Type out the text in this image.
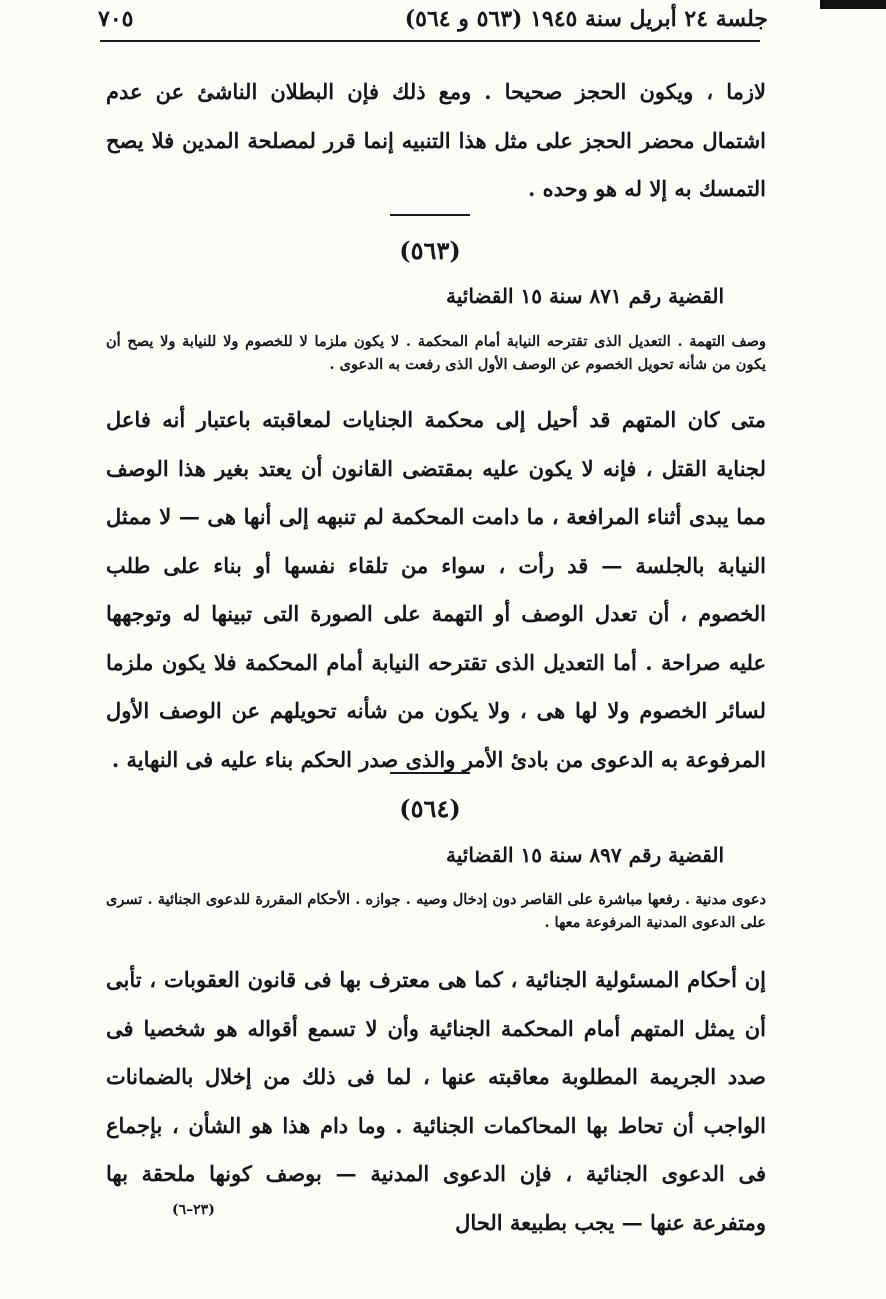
٧٠٥	جلسة ٢٤ أبريل سنة ١٩٤٥ (٥٦٣ و ٥٦٤)

لازما ، ويكون الحجز صحيحا . ومع ذلك فإن البطلان الناشئ عن عدم اشتمال محضر الحجز على مثل هذا التنبيه إنما قرر لمصلحة المدين فلا يصح التمسك به إلا له هو وحده .

(٥٦٣)
القضية رقم ٨٧١ سنة ١٥ القضائية

وصف التهمة . التعديل الذى تقترحه النيابة أمام المحكمة . لا يكون ملزما لا للخصوم ولا للنيابة ولا يصح أن يكون من شأنه تحويل الخصوم عن الوصف الأول الذى رفعت به الدعوى .

متى كان المتهم قد أحيل إلى محكمة الجنايات لمعاقبته باعتبار أنه فاعل لجناية القتل ، فإنه لا يكون عليه بمقتضى القانون أن يعتد بغير هذا الوصف مما يبدى أثناء المرافعة ، ما دامت المحكمة لم تنبهه إلى أنها هى — لا ممثل النيابة بالجلسة — قد رأت ، سواء من تلقاء نفسها أو بناء على طلب الخصوم ، أن تعدل الوصف أو التهمة على الصورة التى تبينها له وتوجهها عليه صراحة . أما التعديل الذى تقترحه النيابة أمام المحكمة فلا يكون ملزما لسائر الخصوم ولا لها هى ، ولا يكون من شأنه تحويلهم عن الوصف الأول المرفوعة به الدعوى من بادئ الأمر والذى صدر الحكم بناء عليه فى النهاية .

(٥٦٤)
القضية رقم ٨٩٧ سنة ١٥ القضائية

دعوى مدنية . رفعها مباشرة على القاصر دون إدخال وصيه . جوازه . الأحكام المقررة للدعوى الجنائية . تسرى على الدعوى المدنية المرفوعة معها .

إن أحكام المسئولية الجنائية ، كما هى معترف بها فى قانون العقوبات ، تأبى أن يمثل المتهم أمام المحكمة الجنائية وأن لا تسمع أقواله هو شخصيا فى صدد الجريمة المطلوبة معاقبته عنها ، لما فى ذلك من إخلال بالضمانات الواجب أن تحاط بها المحاكمات الجنائية . وما دام هذا هو الشأن ، بإجماع فى الدعوى الجنائية ، فإن الدعوى المدنية — بوصف كونها ملحقة بها ومتفرعة عنها — يجب بطبيعة الحال

(٢٣–٦)
